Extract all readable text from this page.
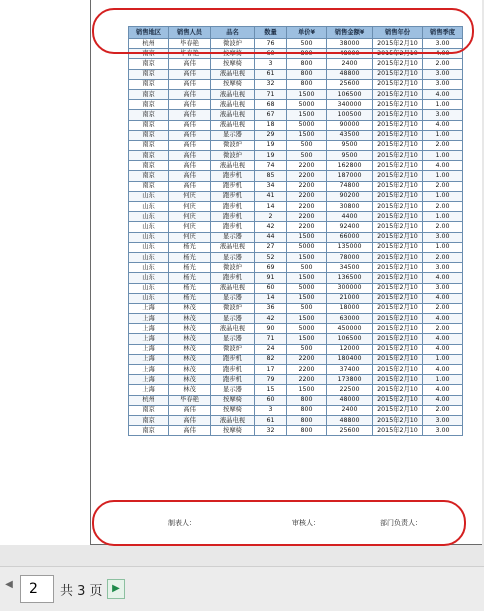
销售地区	销售人员	品名	数量	单价¥	销售金额¥	销售年份	销售季度
杭州	毕春艳	微波炉	76	500	38000	2015年2月10	3.00
南京	毕春艳	按摩椅	60	800	48000	2015年2月10	4.00
南京	高伟	按摩椅	3	800	2400	2015年2月10	2.00
南京	高伟	液晶电视	61	800	48800	2015年2月10	3.00
南京	高伟	按摩椅	32	800	25600	2015年2月10	3.00
南京	高伟	液晶电视	71	1500	106500	2015年2月10	4.00
南京	高伟	液晶电视	68	5000	340000	2015年2月10	1.00
南京	高伟	液晶电视	67	1500	100500	2015年2月10	3.00
南京	高伟	液晶电视	18	5000	90000	2015年2月10	4.00
南京	高伟	显示器	29	1500	43500	2015年2月10	1.00
南京	高伟	微波炉	19	500	9500	2015年2月10	2.00
南京	高伟	微波炉	19	500	9500	2015年2月10	1.00
南京	高伟	液晶电视	74	2200	162800	2015年2月10	4.00
南京	高伟	跑步机	85	2200	187000	2015年2月10	1.00
南京	高伟	跑步机	34	2200	74800	2015年2月10	2.00
山东	何庆	跑步机	41	2200	90200	2015年2月10	1.00
山东	何庆	跑步机	14	2200	30800	2015年2月10	2.00
山东	何庆	跑步机	2	2200	4400	2015年2月10	1.00
山东	何庆	跑步机	42	2200	92400	2015年2月10	2.00
山东	何庆	显示器	44	1500	66000	2015年2月10	3.00
山东	杨光	液晶电视	27	5000	135000	2015年2月10	1.00
山东	杨光	显示器	52	1500	78000	2015年2月10	2.00
山东	杨光	微波炉	69	500	34500	2015年2月10	3.00
山东	杨光	跑步机	91	1500	136500	2015年2月10	4.00
山东	杨光	液晶电视	60	5000	300000	2015年2月10	3.00
山东	杨光	显示器	14	1500	21000	2015年2月10	4.00
上海	林茂	微波炉	36	500	18000	2015年2月10	2.00
上海	林茂	显示器	42	1500	63000	2015年2月10	4.00
上海	林茂	液晶电视	90	5000	450000	2015年2月10	2.00
上海	林茂	显示器	71	1500	106500	2015年2月10	4.00
上海	林茂	微波炉	24	500	12000	2015年2月10	4.00
上海	林茂	跑步机	82	2200	180400	2015年2月10	1.00
上海	林茂	跑步机	17	2200	37400	2015年2月10	4.00
上海	林茂	跑步机	79	2200	173800	2015年2月10	1.00
上海	林茂	显示器	15	1500	22500	2015年2月10	4.00
杭州	毕春艳	按摩椅	60	800	48000	2015年2月10	4.00
南京	高伟	按摩椅	3	800	2400	2015年2月10	2.00
南京	高伟	液晶电视	61	800	48800	2015年2月10	3.00
南京	高伟	按摩椅	32	800	25600	2015年2月10	3.00
制表人：	审核人：	部门负责人：
◀
2	共 3 页 ▶
